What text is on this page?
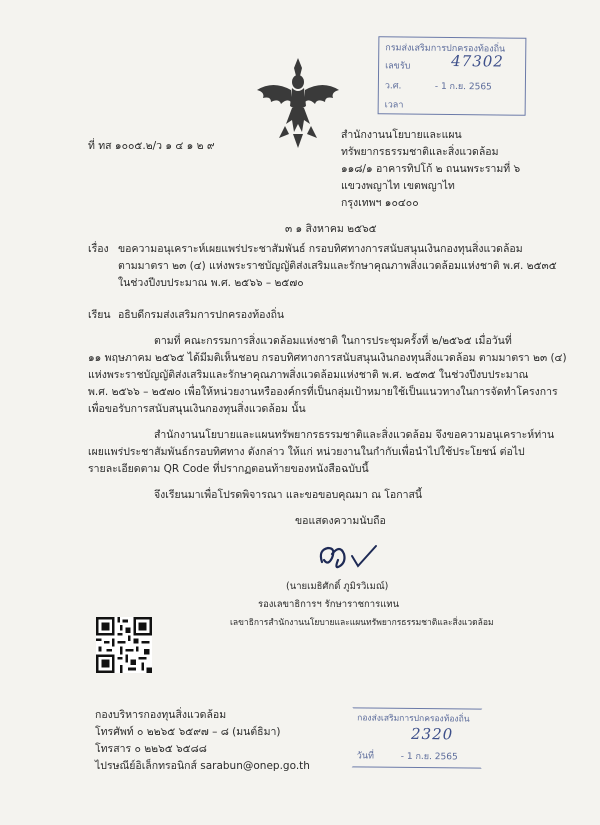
กรมส่งเสริมการปกครองท้องถิ่น
เลขรับ	47302
ว.ศ.	- 1 ก.ย. 2565
เวลา
ที่ ทส ๑๐๐๕.๒/ว ๑ ๔ ๑ ๒ ๙
สำนักงานนโยบายและแผน
ทรัพยากรธรรมชาติและสิ่งแวดล้อม
๑๑๘/๑ อาคารทิปโก้ ๒ ถนนพระรามที่ ๖
แขวงพญาไท เขตพญาไท
กรุงเทพฯ ๑๐๔๐๐
๓ ๑ สิงหาคม ๒๕๖๕
เรื่อง ขอความอนุเคราะห์เผยแพร่ประชาสัมพันธ์ กรอบทิศทางการสนับสนุนเงินกองทุนสิ่งแวดล้อม
ตามมาตรา ๒๓ (๔) แห่งพระราชบัญญัติส่งเสริมและรักษาคุณภาพสิ่งแวดล้อมแห่งชาติ พ.ศ. ๒๕๓๕
ในช่วงปีงบประมาณ พ.ศ. ๒๕๖๖ – ๒๕๗๐
เรียน อธิบดีกรมส่งเสริมการปกครองท้องถิ่น
ตามที่ คณะกรรมการสิ่งแวดล้อมแห่งชาติ ในการประชุมครั้งที่ ๒/๒๕๖๕ เมื่อวันที่
๑๑ พฤษภาคม ๒๕๖๕ ได้มีมติเห็นชอบ กรอบทิศทางการสนับสนุนเงินกองทุนสิ่งแวดล้อม ตามมาตรา ๒๓ (๔)
แห่งพระราชบัญญัติส่งเสริมและรักษาคุณภาพสิ่งแวดล้อมแห่งชาติ พ.ศ. ๒๕๓๕ ในช่วงปีงบประมาณ
พ.ศ. ๒๕๖๖ – ๒๕๗๐ เพื่อให้หน่วยงานหรือองค์กรที่เป็นกลุ่มเป้าหมายใช้เป็นแนวทางในการจัดทำโครงการ
เพื่อขอรับการสนับสนุนเงินกองทุนสิ่งแวดล้อม นั้น
สำนักงานนโยบายและแผนทรัพยากรธรรมชาติและสิ่งแวดล้อม จึงขอความอนุเคราะห์ท่าน
เผยแพร่ประชาสัมพันธ์กรอบทิศทาง ดังกล่าว ให้แก่ หน่วยงานในกำกับเพื่อนำไปใช้ประโยชน์ ต่อไป
รายละเอียดตาม QR Code ที่ปรากฏตอนท้ายของหนังสือฉบับนี้
จึงเรียนมาเพื่อโปรดพิจารณา และขอขอบคุณมา ณ โอกาสนี้
ขอแสดงความนับถือ
(นายเมธิศักดิ์ ภูมิรวิเมณ์)
รองเลขาธิการฯ รักษาราชการแทน
เลขาธิการสำนักงานนโยบายและแผนทรัพยากรธรรมชาติและสิ่งแวดล้อม
กองส่งเสริมการปกครองท้องถิ่น
2320
วันที่	- 1 ก.ย. 2565
กองบริหารกองทุนสิ่งแวดล้อม
โทรศัพท์ ๐ ๒๒๖๕ ๖๕๙๗ – ๘ (มนต์ธิมา)
โทรสาร ๐ ๒๒๖๕ ๖๕๘๘
ไปรษณีย์อิเล็กทรอนิกส์ sarabun@onep.go.th
